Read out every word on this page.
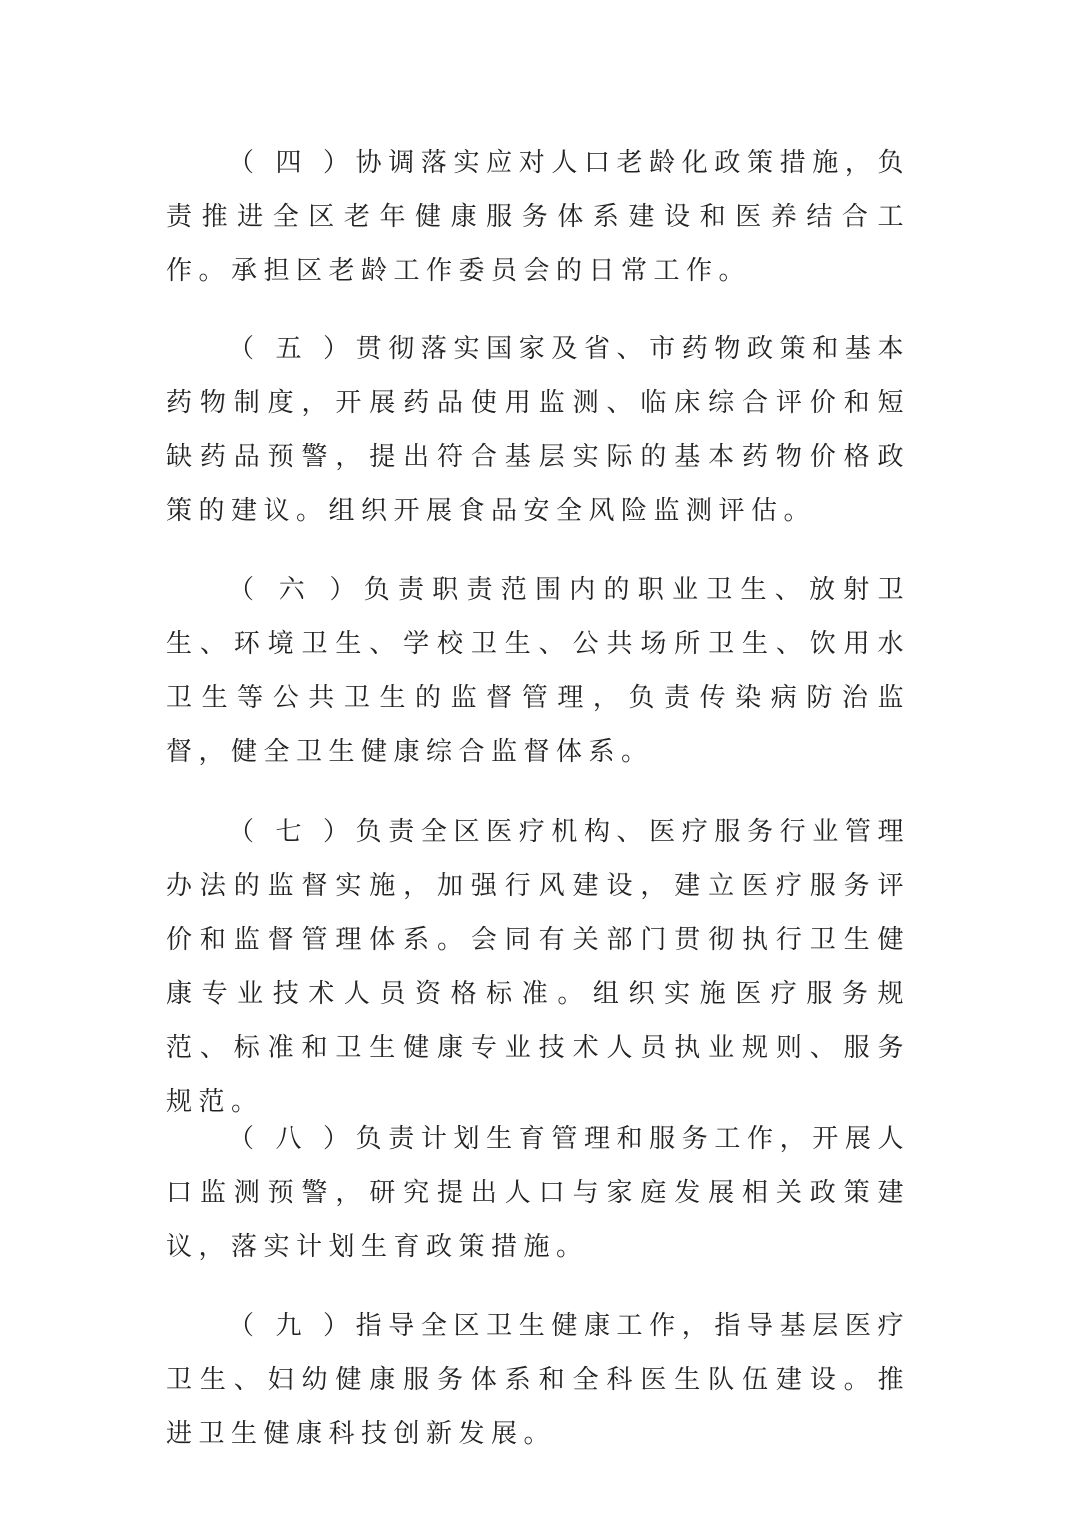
（ 四 ）协调落实应对人口老龄化政策措施，负责推进全区老年健康服务体系建设和医养结合工作。承担区老龄工作委员会的日常工作。

（ 五 ）贯彻落实国家及省、市药物政策和基本药物制度，开展药品使用监测、临床综合评价和短缺药品预警，提出符合基层实际的基本药物价格政策的建议。组织开展食品安全风险监测评估。

（ 六 ）负责职责范围内的职业卫生、放射卫生、环境卫生、学校卫生、公共场所卫生、饮用水卫生等公共卫生的监督管理，负责传染病防治监督，健全卫生健康综合监督体系。

（ 七 ）负责全区医疗机构、医疗服务行业管理办法的监督实施，加强行风建设，建立医疗服务评价和监督管理体系。会同有关部门贯彻执行卫生健康专业技术人员资格标准。组织实施医疗服务规范、标准和卫生健康专业技术人员执业规则、服务规范。

（ 八 ）负责计划生育管理和服务工作，开展人口监测预警，研究提出人口与家庭发展相关政策建议，落实计划生育政策措施。

（ 九 ）指导全区卫生健康工作，指导基层医疗卫生、妇幼健康服务体系和全科医生队伍建设。推进卫生健康科技创新发展。
